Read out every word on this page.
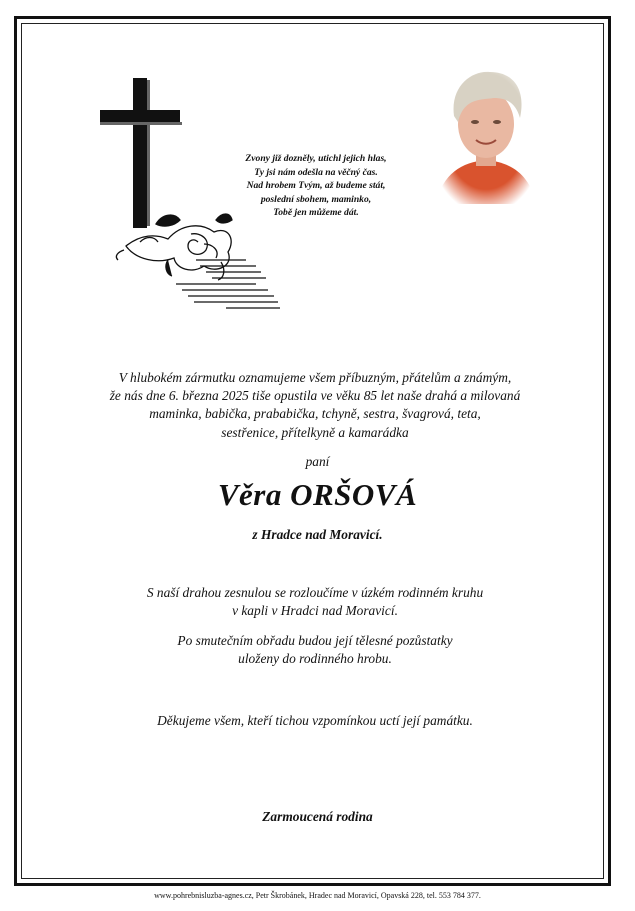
Zvony již dozněly, utichl jejich hlas,
Ty jsi nám odešla na věčný čas.
Nad hrobem Tvým, až budeme stát,
poslední sbohem, maminko,
Tobě jen můžeme dát.
V hlubokém zármutku oznamujeme všem příbuzným, přátelům a známým,
že nás dne 6. března 2025 tiše opustila ve věku 85 let naše drahá a milovaná
maminka, babička, prababička, tchyně, sestra, švagrová, teta,
sestřenice, přítelkyně a kamarádka
paní
Věra ORŠOVÁ
z Hradce nad Moravicí.
S naší drahou zesnulou se rozloučíme v úzkém rodinném kruhu
v kapli v Hradci nad Moravicí.
Po smutečním obřadu budou její tělesné pozůstatky
uloženy do rodinného hrobu.
Děkujeme všem, kteří tichou vzpomínkou uctí její památku.
Zarmoucená rodina
www.pohrebnisluzba-agnes.cz, Petr Škrobánek, Hradec nad Moravicí, Opavská 228, tel. 553 784 377.
